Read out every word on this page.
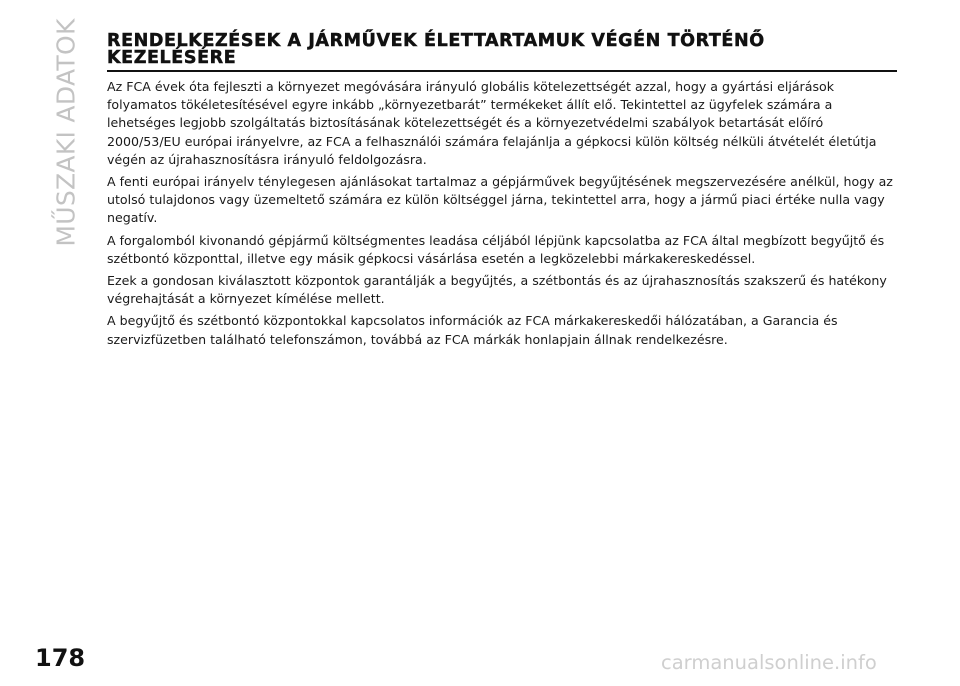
MŰSZAKI ADATOK RENDELKEZÉSEK A JÁRMŰVEK ÉLETTARTAMUK VÉGÉN TÖRTÉNŐ KEZELÉSÉRE

Az FCA évek óta fejleszti a környezet megóvására irányuló globális kötelezettségét azzal, hogy a gyártási eljárások folyamatos tökéletesítésével egyre inkább „környezetbarát” termékeket állít elő. Tekintettel az ügyfelek számára a lehetséges legjobb szolgáltatás biztosításának kötelezettségét és a környezetvédelmi szabályok betartását előíró 2000/53/EU európai irányelvre, az FCA a felhasználói számára felajánlja a gépkocsi külön költség nélküli átvételét életútja végén az újrahasznosításra irányuló feldolgozásra.

A fenti európai irányelv ténylegesen ajánlásokat tartalmaz a gépjárművek begyűjtésének megszervezésére anélkül, hogy az utolsó tulajdonos vagy üzemeltető számára ez külön költséggel járna, tekintettel arra, hogy a jármű piaci értéke nulla vagy negatív.

A forgalomból kivonandó gépjármű költségmentes leadása céljából lépjünk kapcsolatba az FCA által megbízott begyűjtő és szétbontó központtal, illetve egy másik gépkocsi vásárlása esetén a legközelebbi márkakereskedéssel.

Ezek a gondosan kiválasztott központok garantálják a begyűjtés, a szétbontás és az újrahasznosítás szakszerű és hatékony végrehajtását a környezet kímélése mellett.

A begyűjtő és szétbontó központokkal kapcsolatos információk az FCA márkakereskedői hálózatában, a Garancia és szervizfüzetben található telefonszámon, továbbá az FCA márkák honlapjain állnak rendelkezésre.

178	carmanualsonline.info
